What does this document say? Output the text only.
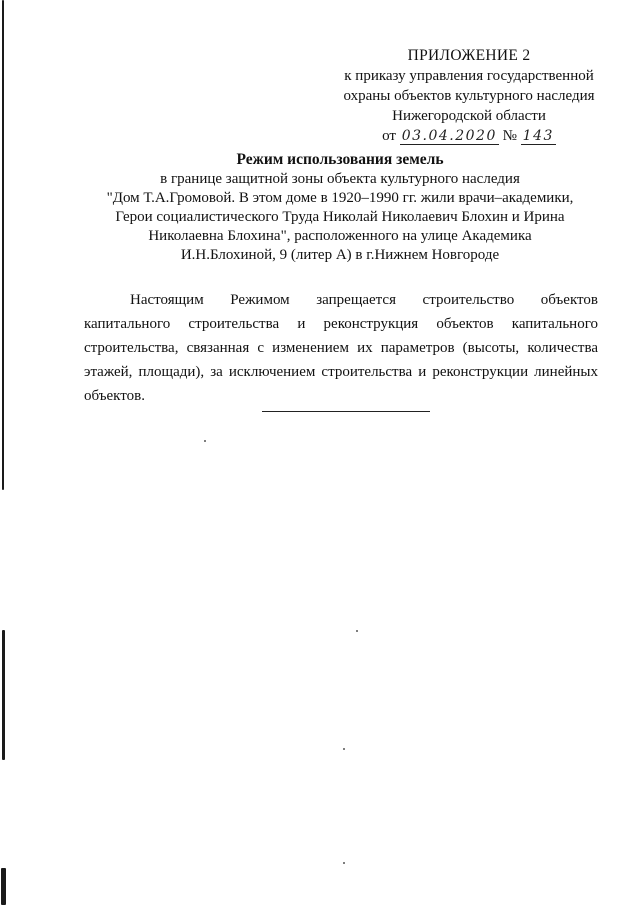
ПРИЛОЖЕНИЕ 2
к приказу управления государственной
охраны объектов культурного наследия
Нижегородской области
от 03.04.2020 № 143
Режим использования земель
в границе защитной зоны объекта культурного наследия
"Дом Т.А.Громовой. В этом доме в 1920–1990 гг. жили врачи–академики,
Герои социалистического Труда Николай Николаевич Блохин и Ирина
Николаевна Блохина", расположенного на улице Академика
И.Н.Блохиной, 9 (литер А) в г.Нижнем Новгороде
Настоящим Режимом запрещается строительство объектов
капитального строительства и реконструкция объектов капитального
строительства, связанная с изменением их параметров (высоты, количества
этажей, площади), за исключением строительства и реконструкции линейных
объектов.
